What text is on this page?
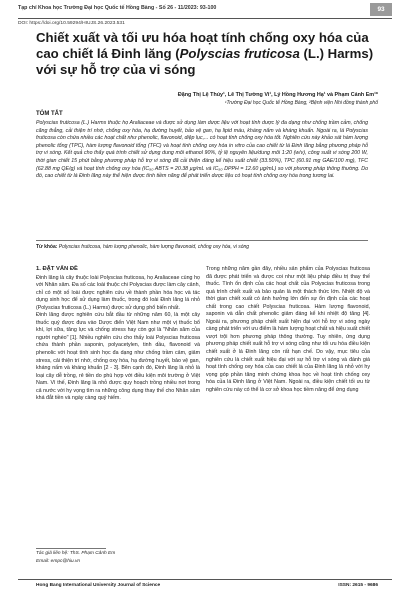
Tạp chí Khoa học Trường Đại học Quốc tế Hồng Bàng - Số 26 - 11/2023: 93-100	93
DOI: https://doi.org/10.59294/HIUJS.26.2023.531
Chiết xuất và tối ưu hóa hoạt tính chống oxy hóa của cao chiết lá Đinh lăng (Polyscias fruticosa (L.) Harms) với sự hỗ trợ của vi sóng
Đặng Thị Lệ Thúy¹, Lê Thị Tường Vi¹, Lý Hồng Hương Hạ¹ và Phạm Cảnh Em¹*
¹Trường Đại học Quốc tế Hồng Bàng, ²Bệnh viện Nhi đồng thành phố
TÓM TẮT

Polyscias fruticosa (L.) Harms thuộc họ Araliaceae và được sử dụng làm dược liệu với hoạt tính dược lý đa dạng như chống trầm cảm, chống căng thẳng, cải thiện trí nhớ, chống oxy hóa, hạ đường huyết, bảo vệ gan, hạ lipid máu, kháng nấm và kháng khuẩn. Ngoài ra, lá Polyscias fruticosa còn chứa nhiều các hoạt chất như phenolic, flavonoid, diệp lục,... có hoạt tính chống oxy hóa tốt. Nghiên cứu này khảo sát hàm lượng phenolic tổng (TPC), hàm lượng flavonoid tổng (TFC) và hoạt tính chống oxy hóa in vitro của cao chiết từ lá Đinh lăng bằng phương pháp hỗ trợ vi sóng. Kết quả cho thấy quá trình chiết sử dụng dung môi ethanol 90%, tỷ lệ nguyên liệu/dung môi 1:20 (w/v), công suất vi sóng 200 W, thời gian chiết 15 phút bằng phương pháp hỗ trợ vi sóng đã cải thiện đáng kể hiệu suất chiết (33.50%), TPC (60.91 mg GAE/100 mg), TFC (62.88 mg QE/g) và hoạt tính chống oxy hóa (IC₅₀ ABTS = 20.38 µg/mL và IC₅₀ DPPH = 12.60 µg/mL) so với phương pháp thông thường. Do đó, cao chiết từ lá Đinh lăng này thể hiện được tính tiềm năng để phát triển dược liệu có hoạt tính chống oxy hóa trong tương lai.

Từ khóa: Polyscias fruticosa, hàm lượng phenolic, hàm lượng flavonoid, chống oxy hóa, vi sóng
1. ĐẶT VẤN ĐỀ

Đinh lăng là cây thuộc loài Polyscias fruticosa, họ Araliaceae cùng họ với Nhân sâm. Đa số các loài thuộc chi Polyscias được làm cây cảnh, chỉ có một số loài được nghiên cứu về thành phần hóa học và tác dụng sinh học để sử dụng làm thuốc, trong đó loài Đinh lăng lá nhỏ (Polyscias fruticosa (L.) Harms) được sử dụng phổ biến nhất.

Đinh lăng được nghiên cứu bắt đầu từ những năm 60, là một cây thuốc quý được đưa vào Dược điển Việt Nam như một vị thuốc bổ khí, lợi sữa, tăng lực và chống stress hay còn gọi là "Nhân sâm của người nghèo" [1]. Nhiều nghiên cứu cho thấy loài Polyscias fruticosa chứa thành phần saponin, polyacetylen, tinh dầu, flavonoid và phenolic với hoạt tính sinh học đa dạng như chống trầm cảm, giảm stress, cải thiện trí nhớ, chống oxy hóa, hạ đường huyết, bảo vệ gan, kháng nấm và kháng khuẩn [2 - 3]. Bên cạnh đó, Đinh lăng là nhỏ là loại cây dễ trồng, rẻ tiền do phù hợp với điều kiện môi trường ở Việt Nam. Vì thế, Đinh lăng là nhỏ được quy hoạch trồng nhiều nơi trong cả nước với hy vọng tìm ra những công dụng thay thế cho Nhân sâm khá đắt tiền và ngày càng quý hiếm.

Trong những năm gần đây, nhiều sản phẩm của Polyscias fruticosa đã được phát triển và được coi như một liệu pháp điều trị thay thế thuốc. Tính ổn định của các hoạt chất của Polyscias fruticosa trong quá trình chiết xuất và bảo quản là một thách thức lớn. Nhiệt độ và thời gian chiết xuất có ảnh hưởng lớn đến sự ổn định của các hoạt chất trong cao chiết Polyscias fruticosa. Hàm lượng flavonoid, saponin và dẫn chất phenolic giảm đáng kể khi nhiệt độ tăng [4]. Ngoài ra, phương pháp chiết xuất hiện đại với hỗ trợ vi sóng ngày càng phát triển với ưu điểm là hàm lượng hoạt chất và hiệu suất chiết vượt trội hơn phương pháp thông thường. Tuy nhiên, ứng dụng phương pháp chiết xuất hỗ trợ vi sóng cũng như tối ưu hóa điều kiện chiết xuất ở lá Đinh lăng còn rất hạn chế. Do vậy, mục tiêu của nghiên cứu là chiết xuất hiệu đại với sự hỗ trợ vi sóng và đánh giá hoạt tính chống oxy hóa của cao chiết lá của Đinh lăng lá nhỏ với hy vọng góp phần tăng minh chứng khoa học về hoạt tính chống oxy hóa của lá Đinh lăng ở Việt Nam. Ngoài ra, điều kiện chiết tối ưu từ nghiên cứu này có thể là cơ sở khoa học tiềm năng để ứng dụng

Tác giả liên hệ: ThS. Phạm Cảnh Em
Email: empc@hiu.vn
Hong Bang International University Journal of Science	ISSN: 2615 - 9686
